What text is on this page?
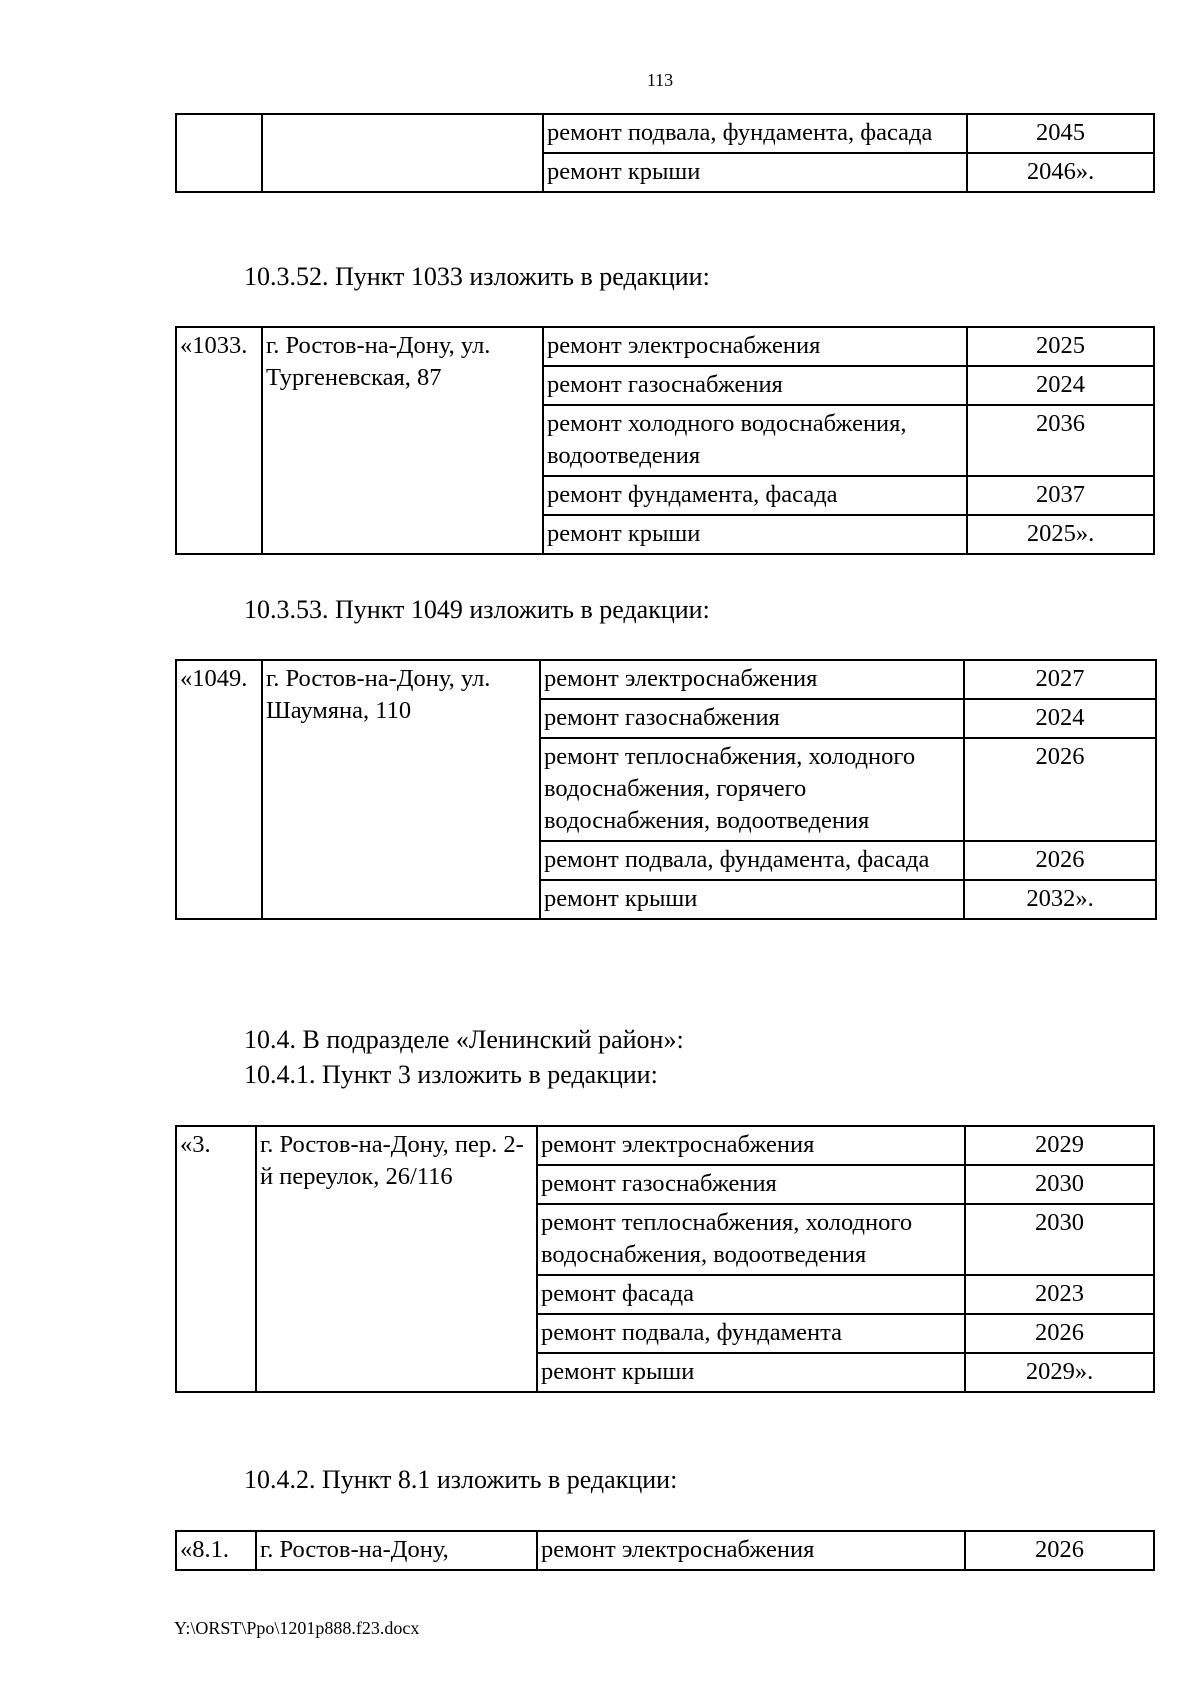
113
		ремонт подвала, фундамента, фасада	2045
		ремонт крыши	2046».
10.3.52. Пункт 1033 изложить в редакции:
«1033.	г. Ростов-на-Дону, ул. Тургеневская, 87	ремонт электроснабжения	2025
		ремонт газоснабжения	2024
		ремонт холодного водоснабжения, водоотведения	2036
		ремонт фундамента, фасада	2037
		ремонт крыши	2025».
10.3.53. Пункт 1049 изложить в редакции:
«1049.	г. Ростов-на-Дону, ул. Шаумяна, 110	ремонт электроснабжения	2027
		ремонт газоснабжения	2024
		ремонт теплоснабжения, холодного водоснабжения, горячего водоснабжения, водоотведения	2026
		ремонт подвала, фундамента, фасада	2026
		ремонт крыши	2032».
10.4. В подразделе «Ленинский район»:
10.4.1. Пункт 3 изложить в редакции:
«3.	г. Ростов-на-Дону, пер. 2-й переулок, 26/116	ремонт электроснабжения	2029
		ремонт газоснабжения	2030
		ремонт теплоснабжения, холодного водоснабжения, водоотведения	2030
		ремонт фасада	2023
		ремонт подвала, фундамента	2026
		ремонт крыши	2029».
10.4.2. Пункт 8.1 изложить в редакции:
«8.1.	г. Ростов-на-Дону,	ремонт электроснабжения	2026
Y:\ORST\Ppo\1201p888.f23.docx
